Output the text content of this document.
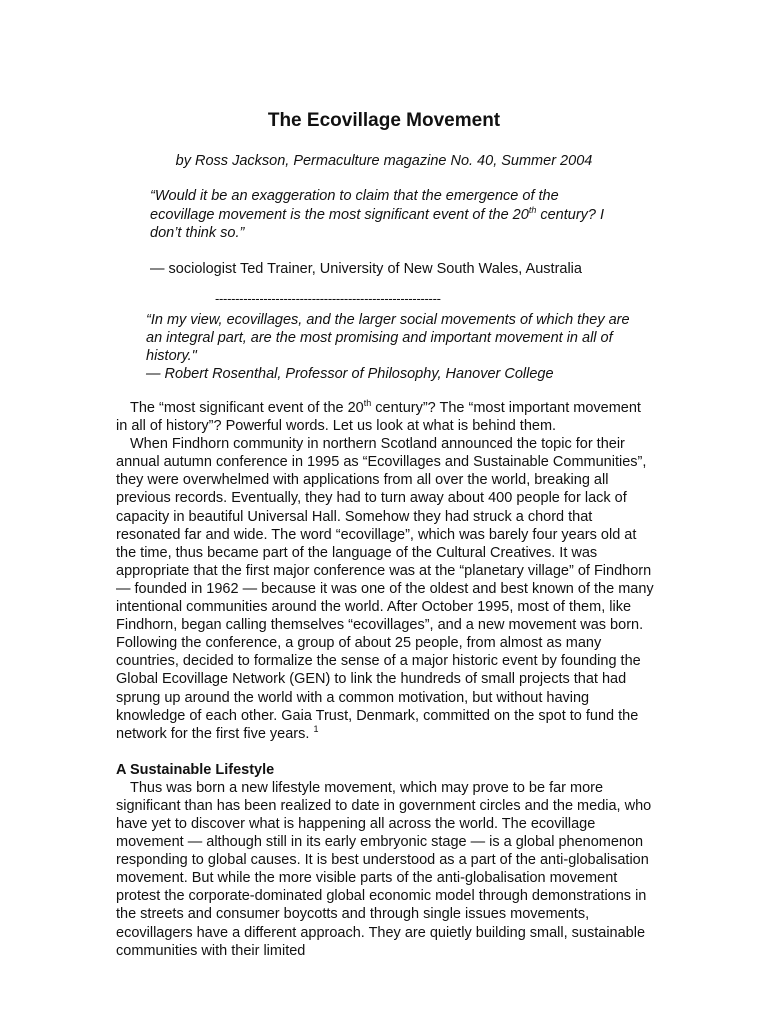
The Ecovillage Movement
by Ross Jackson, Permaculture magazine No. 40, Summer 2004
“Would it be an exaggeration to claim that the emergence of the ecovillage movement is the most significant event of the 20th century? I don’t think so.”
— sociologist Ted Trainer, University of New South Wales, Australia
--------------------------------------------------------
“In my view, ecovillages, and the larger social movements of which they are an integral part, are the most promising and important movement in all of history."
— Robert Rosenthal, Professor of Philosophy, Hanover College

The “most significant event of the 20th century”? The “most important movement in all of history”? Powerful words. Let us look at what is behind them.

When Findhorn community in northern Scotland announced the topic for their annual autumn conference in 1995 as “Ecovillages and Sustainable Communities”, they were overwhelmed with applications from all over the world, breaking all previous records. Eventually, they had to turn away about 400 people for lack of capacity in beautiful Universal Hall. Somehow they had struck a chord that resonated far and wide. The word “ecovillage”, which was barely four years old at the time, thus became part of the language of the Cultural Creatives. It was appropriate that the first major conference was at the “planetary village” of Findhorn — founded in 1962 — because it was one of the oldest and best known of the many intentional communities around the world. After October 1995, most of them, like Findhorn, began calling themselves “ecovillages”, and a new movement was born. Following the conference, a group of about 25 people, from almost as many countries, decided to formalize the sense of a major historic event by founding the Global Ecovillage Network (GEN) to link the hundreds of small projects that had sprung up around the world with a common motivation, but without having knowledge of each other. Gaia Trust, Denmark, committed on the spot to fund the network for the first five years. $^1$

A Sustainable Lifestyle

Thus was born a new lifestyle movement, which may prove to be far more significant than has been realized to date in government circles and the media, who have yet to discover what is happening all across the world. The ecovillage movement — although still in its early embryonic stage — is a global phenomenon responding to global causes. It is best understood as a part of the anti-globalisation movement. But while the more visible parts of the anti-globalisation movement protest the corporate-dominated global economic model through demonstrations in the streets and consumer boycotts and through single issues movements, ecovillagers have a different approach. They are quietly building small, sustainable communities with their limited
